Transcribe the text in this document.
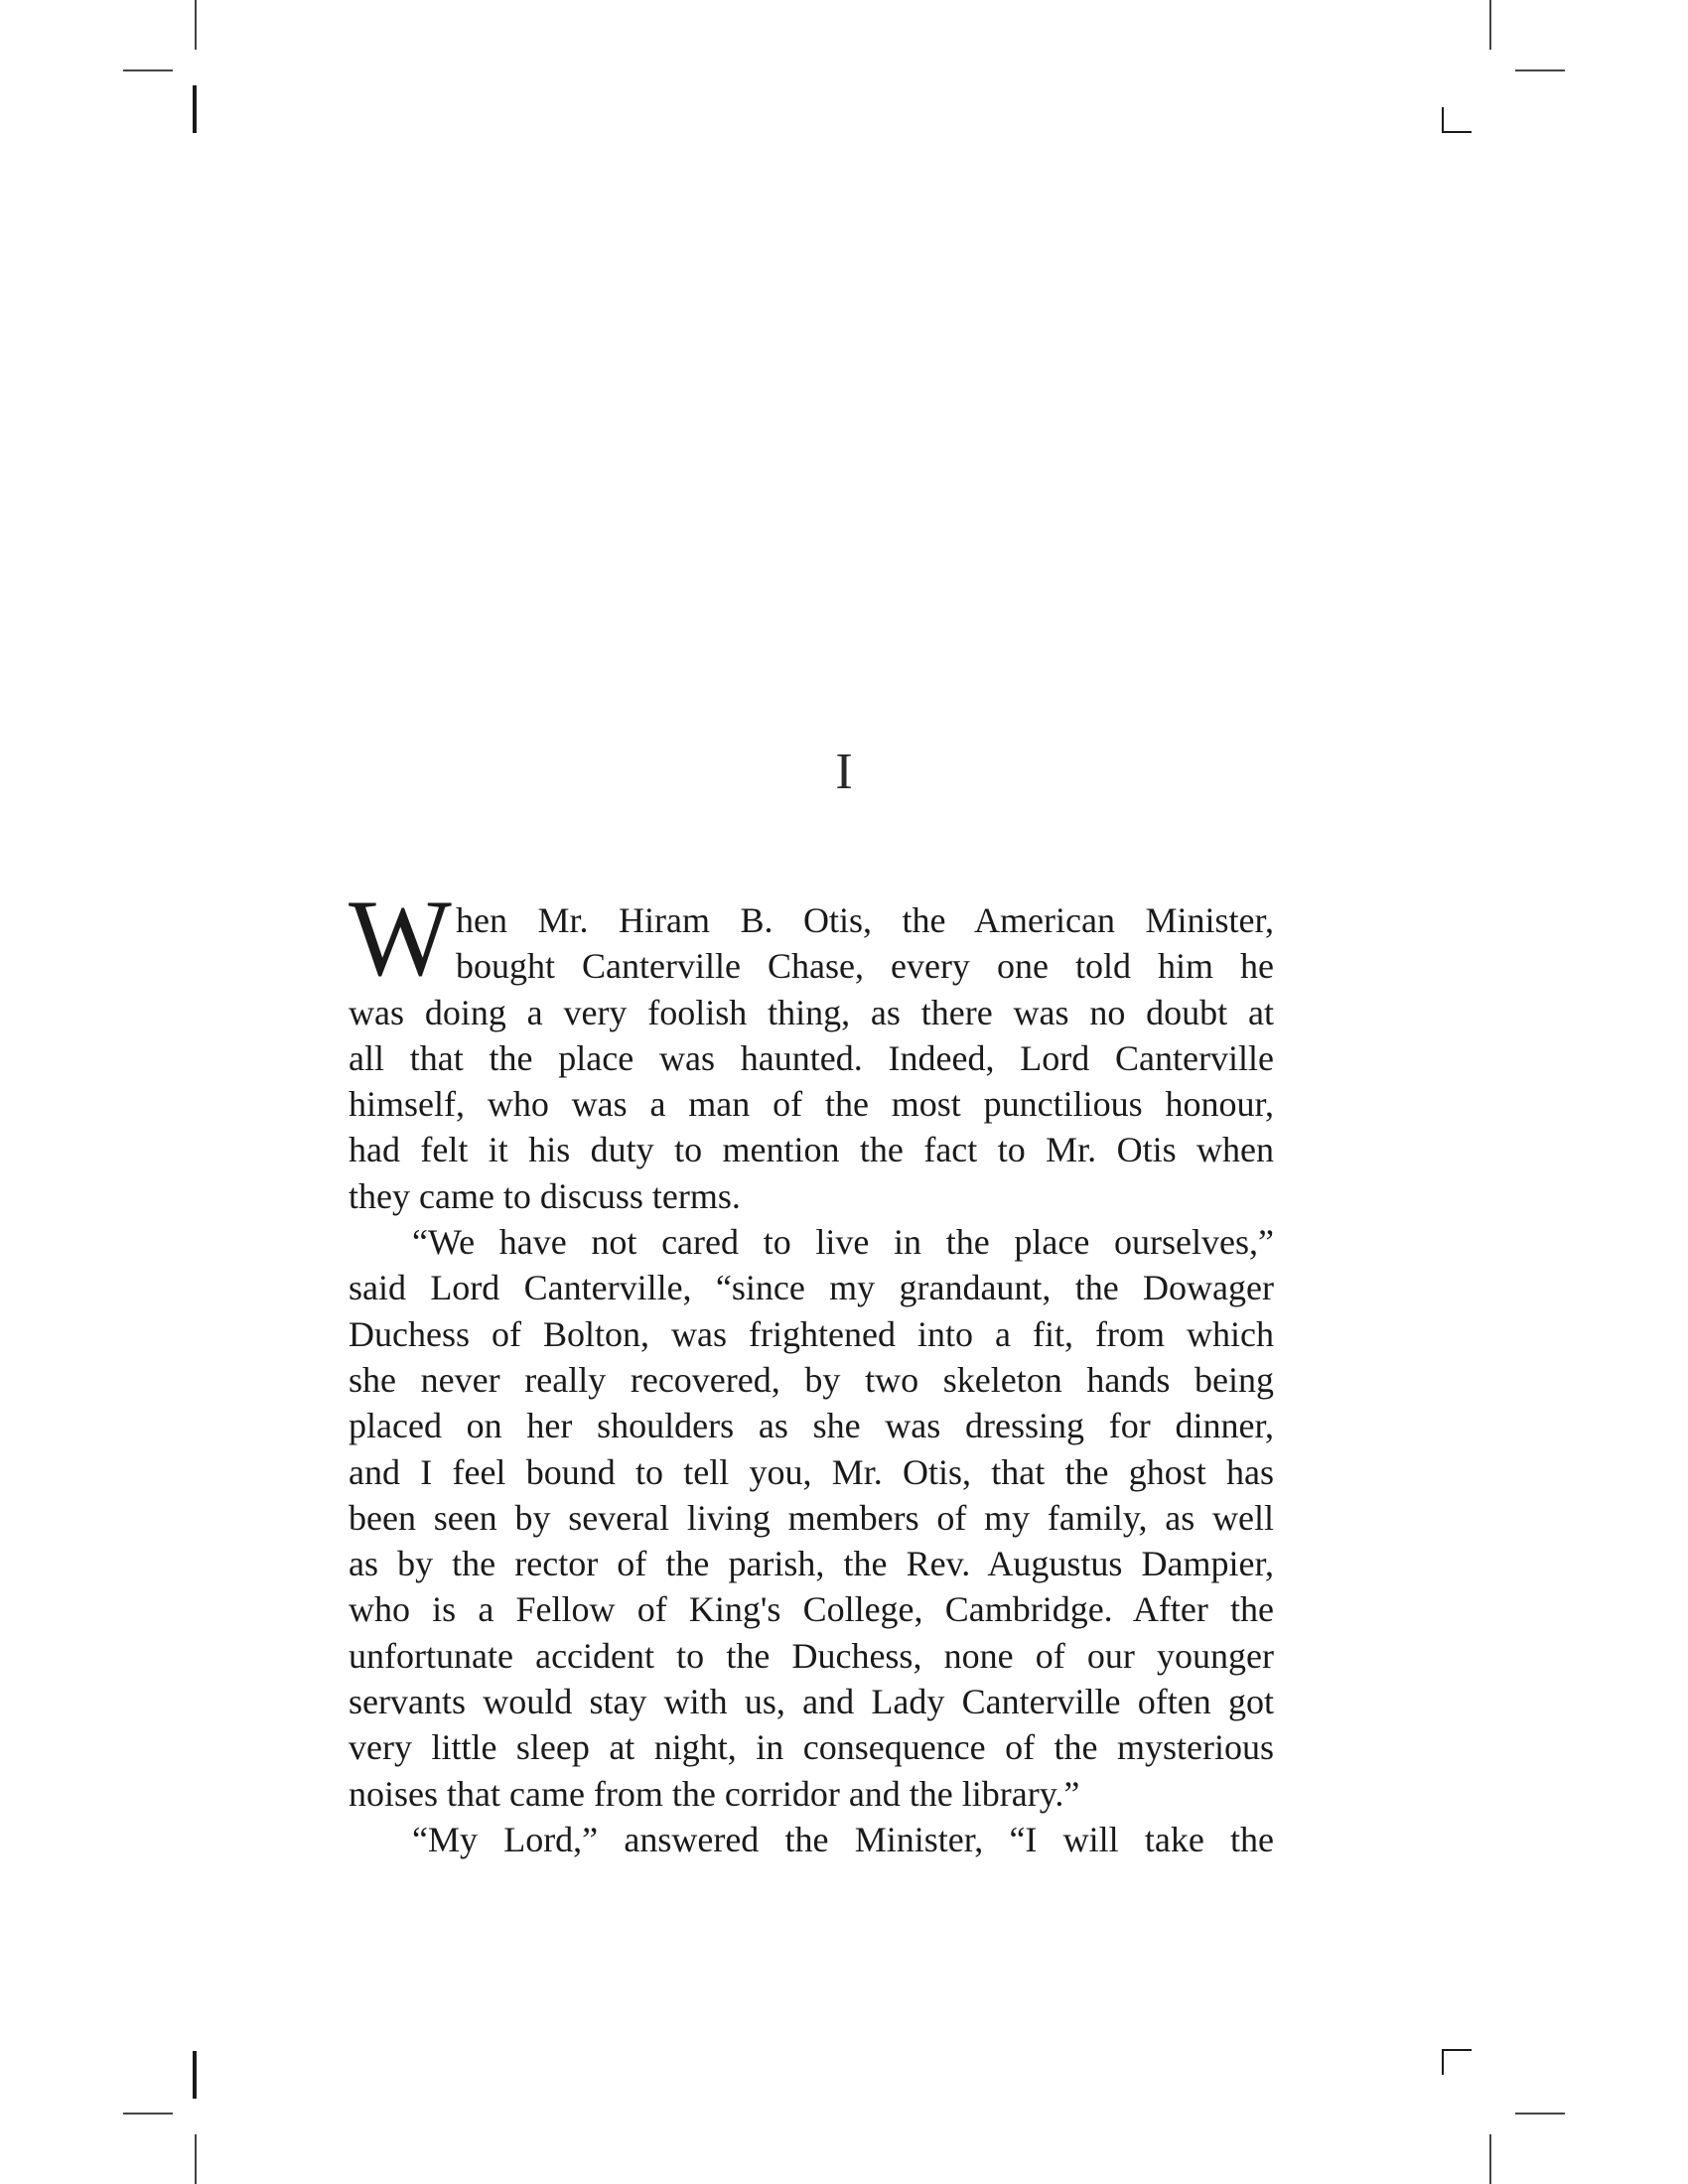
I
W hen Mr. Hiram B. Otis, the American Minister,
bought Canterville Chase, every one told him he
was doing a very foolish thing, as there was no doubt at
all that the place was haunted. Indeed, Lord Canterville
himself, who was a man of the most punctilious honour,
had felt it his duty to mention the fact to Mr. Otis when
they came to discuss terms.
“We have not cared to live in the place ourselves,”
said Lord Canterville, “since my grandaunt, the Dowager
Duchess of Bolton, was frightened into a fit, from which
she never really recovered, by two skeleton hands being
placed on her shoulders as she was dressing for dinner,
and I feel bound to tell you, Mr. Otis, that the ghost has
been seen by several living members of my family, as well
as by the rector of the parish, the Rev. Augustus Dampier,
who is a Fellow of King's College, Cambridge. After the
unfortunate accident to the Duchess, none of our younger
servants would stay with us, and Lady Canterville often got
very little sleep at night, in consequence of the mysterious
noises that came from the corridor and the library.”
“My Lord,” answered the Minister, “I will take the
